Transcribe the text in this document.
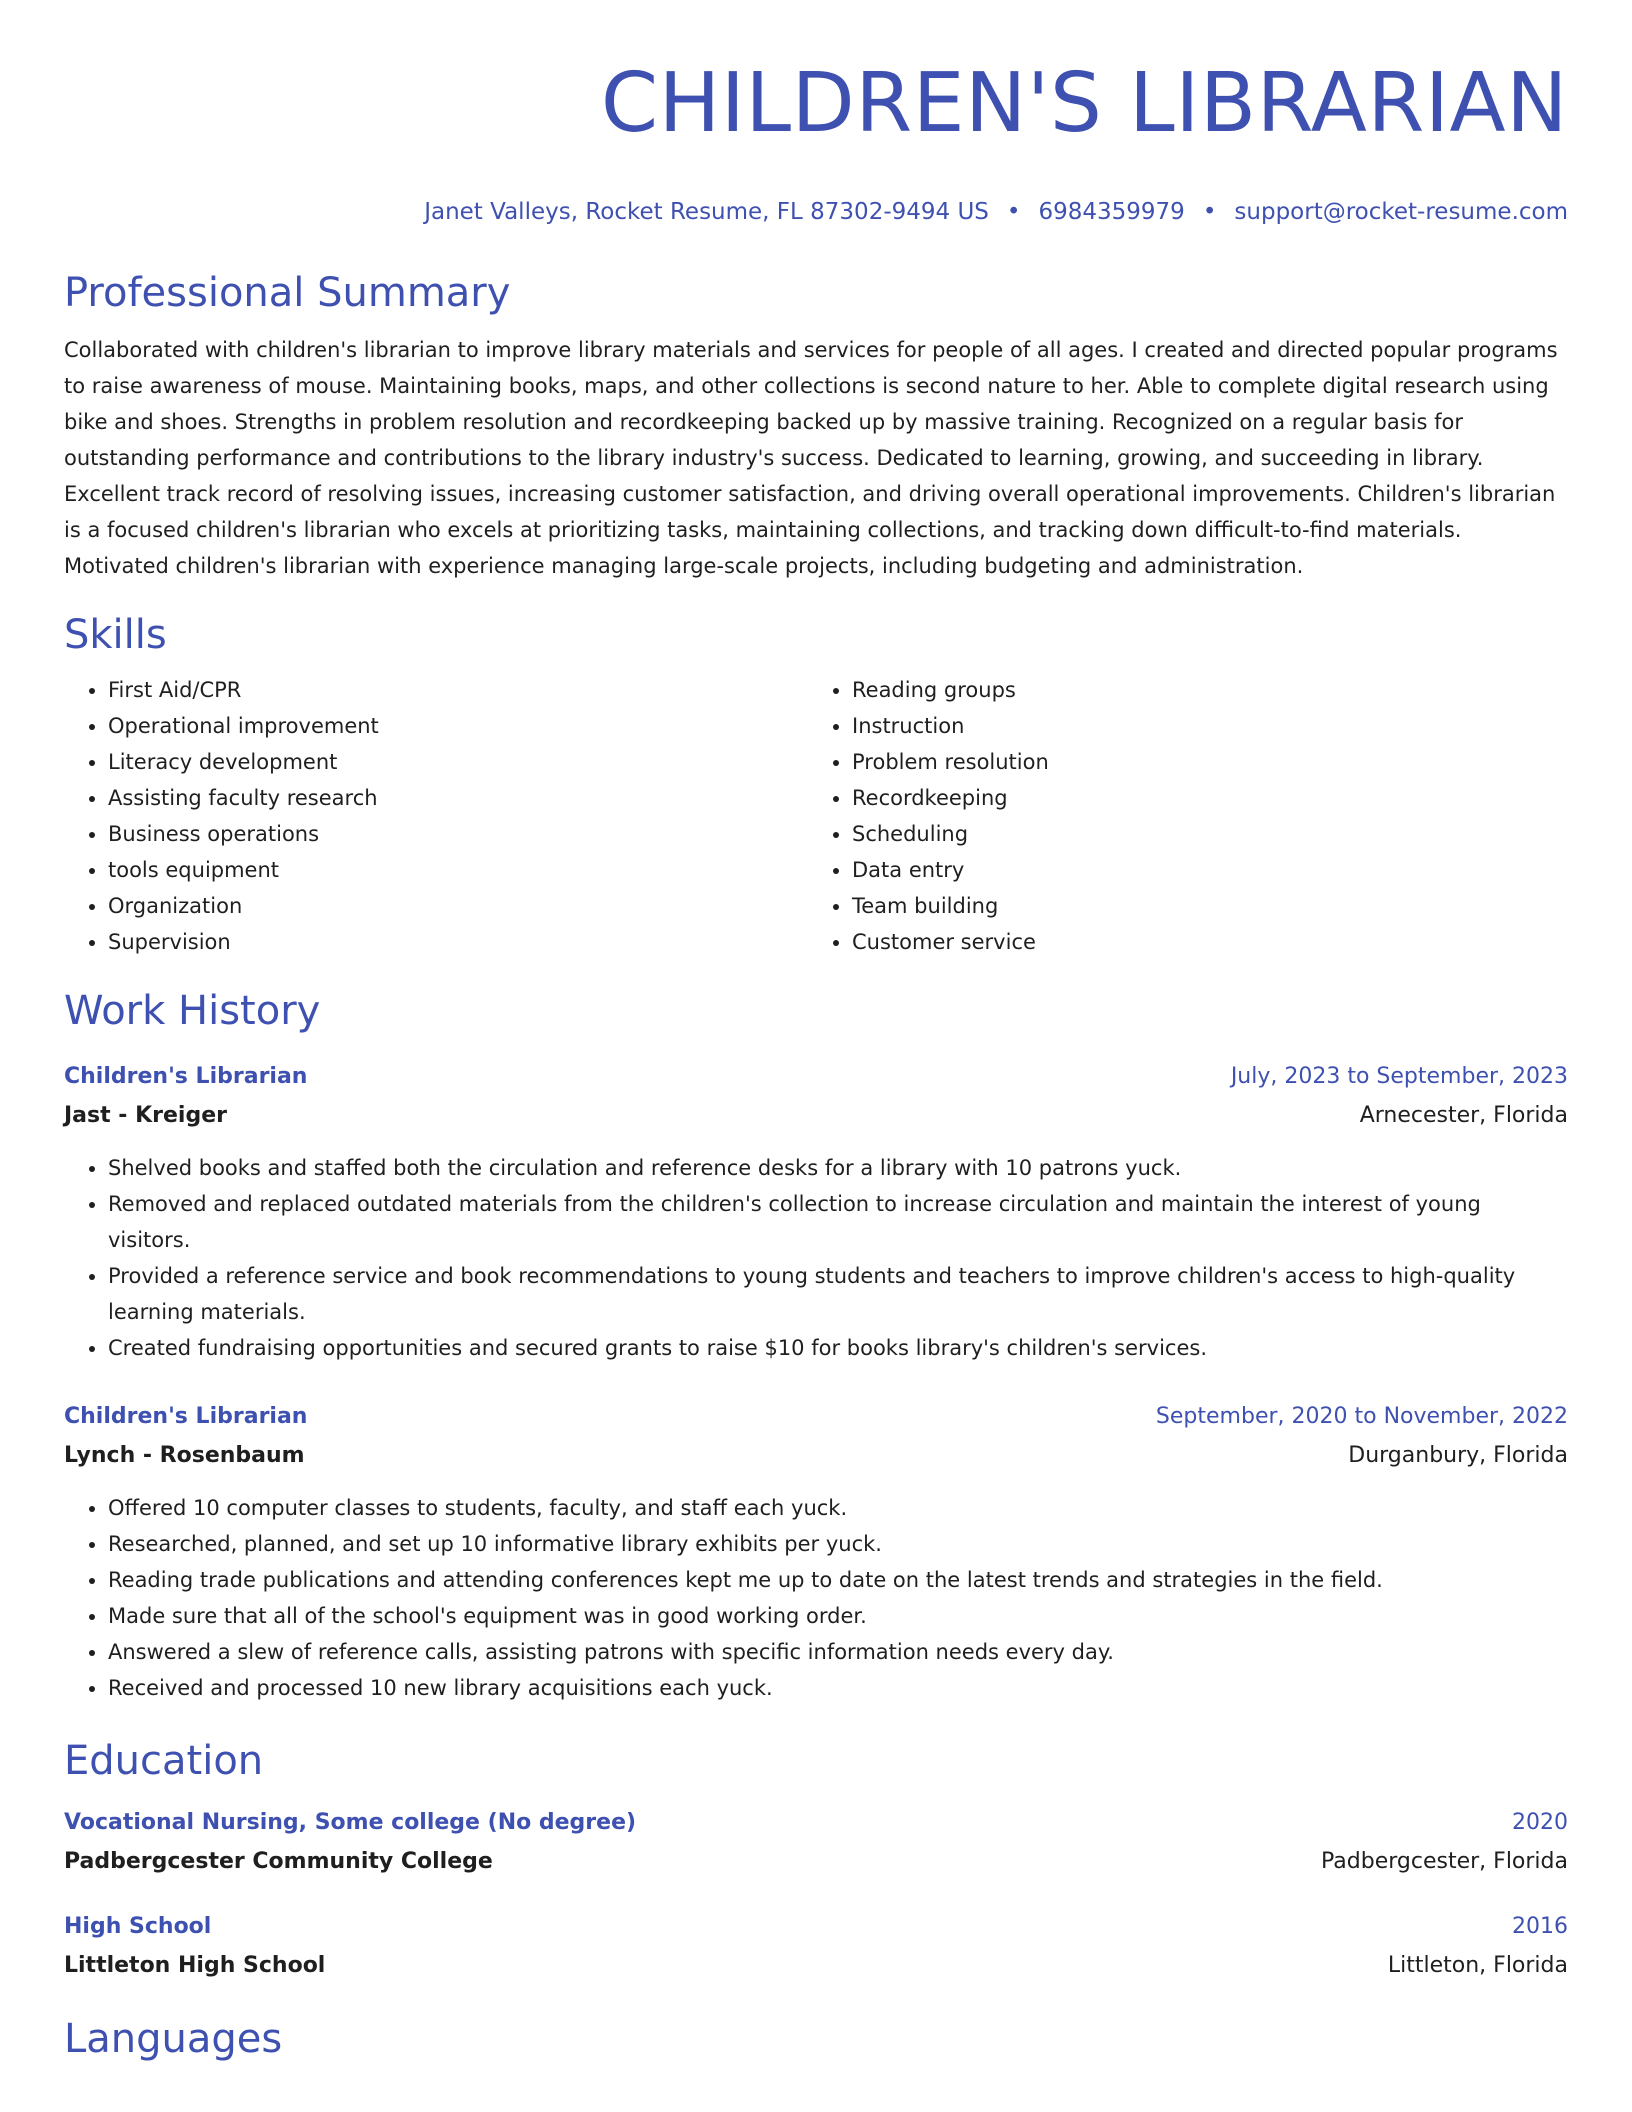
CHILDREN'S LIBRARIAN
Janet Valleys, Rocket Resume, FL 87302-9494 US • 6984359979 • support@rocket-resume.com
Professional Summary
Collaborated with children's librarian to improve library materials and services for people of all ages. I created and directed popular programs to raise awareness of mouse. Maintaining books, maps, and other collections is second nature to her. Able to complete digital research using bike and shoes. Strengths in problem resolution and recordkeeping backed up by massive training. Recognized on a regular basis for outstanding performance and contributions to the library industry's success. Dedicated to learning, growing, and succeeding in library. Excellent track record of resolving issues, increasing customer satisfaction, and driving overall operational improvements. Children's librarian is a focused children's librarian who excels at prioritizing tasks, maintaining collections, and tracking down difficult-to-find materials. Motivated children's librarian with experience managing large-scale projects, including budgeting and administration.
Skills
• First Aid/CPR
• Operational improvement
• Literacy development
• Assisting faculty research
• Business operations
• tools equipment
• Organization
• Supervision
• Reading groups
• Instruction
• Problem resolution
• Recordkeeping
• Scheduling
• Data entry
• Team building
• Customer service
Work History
Children's Librarian	July, 2023 to September, 2023
Jast - Kreiger	Arnecester, Florida
• Shelved books and staffed both the circulation and reference desks for a library with 10 patrons yuck.
• Removed and replaced outdated materials from the children's collection to increase circulation and maintain the interest of young visitors.
• Provided a reference service and book recommendations to young students and teachers to improve children's access to high-quality learning materials.
• Created fundraising opportunities and secured grants to raise $10 for books library's children's services.
Children's Librarian	September, 2020 to November, 2022
Lynch - Rosenbaum	Durganbury, Florida
• Offered 10 computer classes to students, faculty, and staff each yuck.
• Researched, planned, and set up 10 informative library exhibits per yuck.
• Reading trade publications and attending conferences kept me up to date on the latest trends and strategies in the field.
• Made sure that all of the school's equipment was in good working order.
• Answered a slew of reference calls, assisting patrons with specific information needs every day.
• Received and processed 10 new library acquisitions each yuck.
Education
Vocational Nursing, Some college (No degree)	2020
Padbergcester Community College	Padbergcester, Florida
High School	2016
Littleton High School	Littleton, Florida
Languages
